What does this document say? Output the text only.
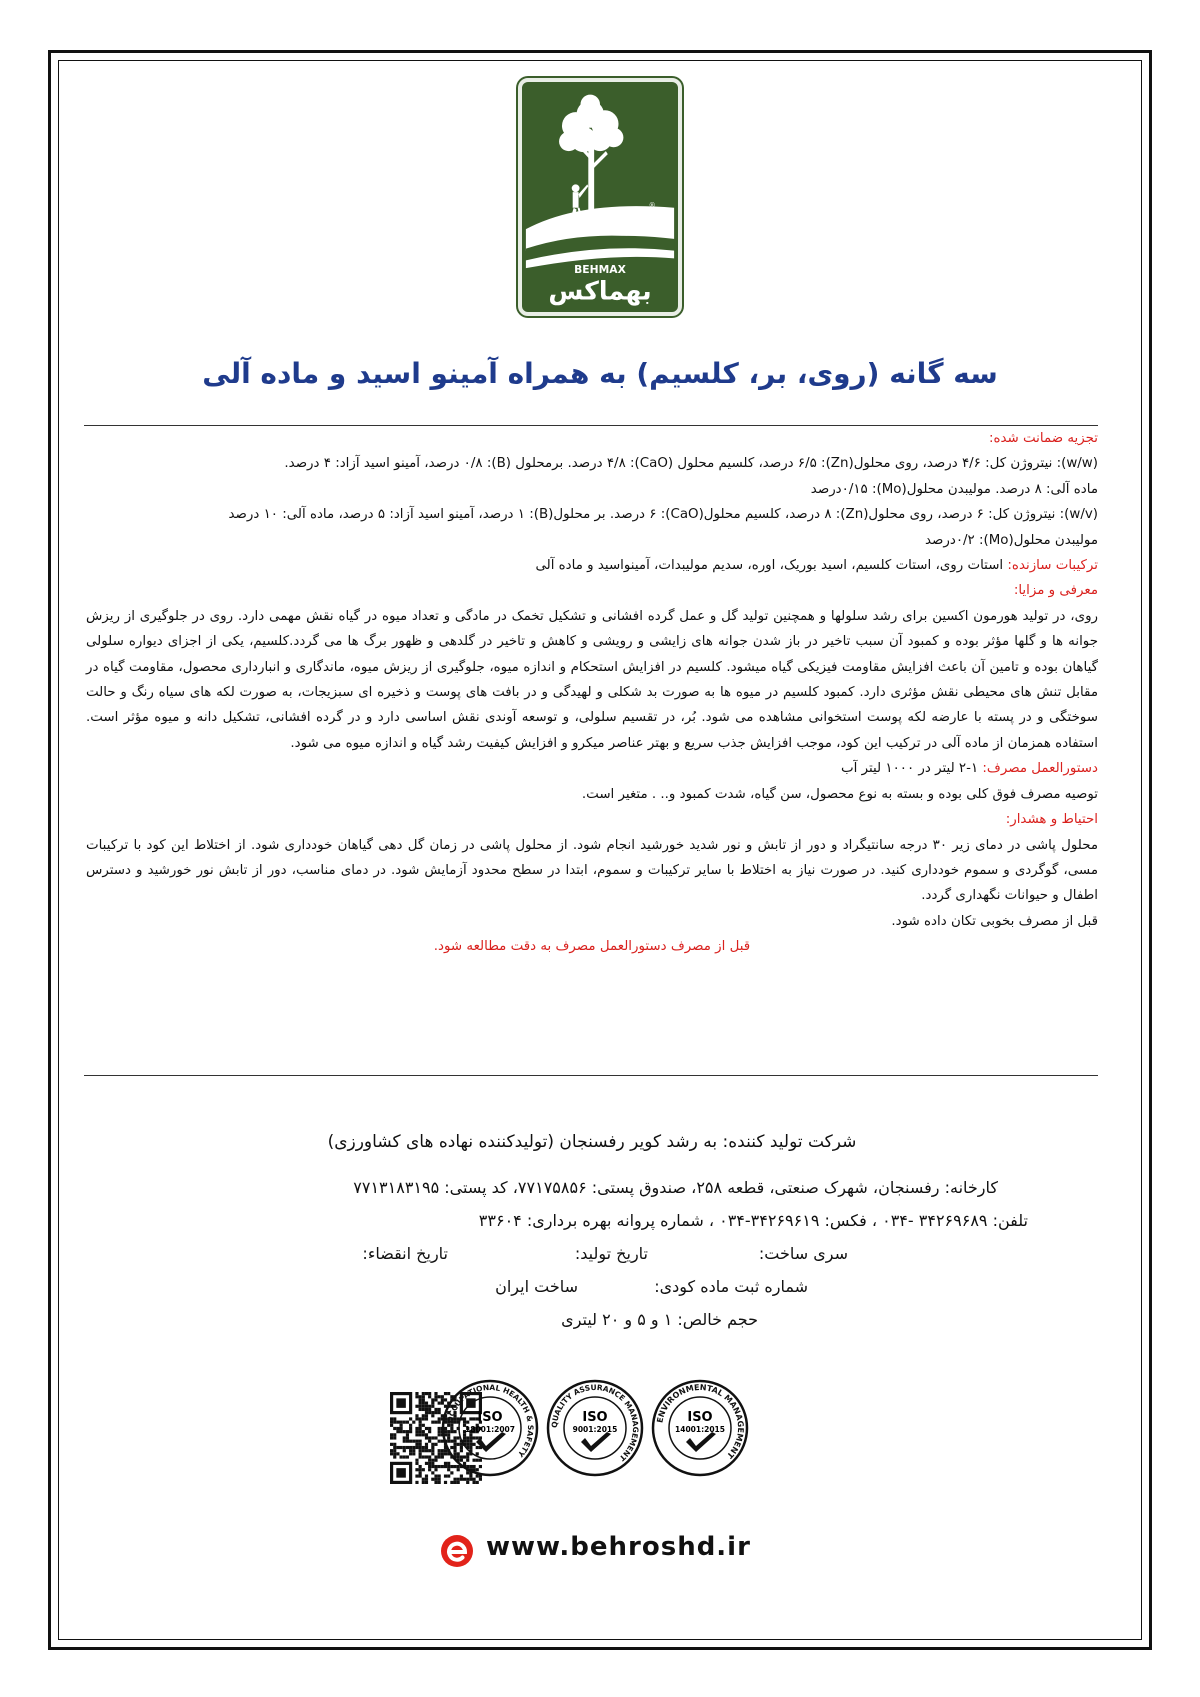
®
BEHMAX
بهماکس
سه گانه (روی، بر، کلسیم) به همراه آمینو اسید و ماده آلی

تجزیه ضمانت شده:

(w/w): نیتروژن کل: ۴/۶ درصد، روی محلول(Zn): ۶/۵ درصد، کلسیم محلول (CaO): ۴/۸ درصد. برمحلول (B): ۰/۸ درصد، آمینو اسید آزاد: ۴ درصد.

ماده آلی: ۸ درصد. مولیبدن محلول(Mo): ۰/۱۵درصد

(w/v): نیتروژن کل: ۶ درصد، روی محلول(Zn): ۸ درصد، کلسیم محلول(CaO): ۶ درصد. بر محلول(B): ۱ درصد، آمینو اسید آزاد: ۵ درصد، ماده آلی: ۱۰ درصد

مولیبدن محلول(Mo): ۰/۲درصد

ترکیبات سازنده: استات روی، استات کلسیم، اسید بوریک، اوره، سدیم مولیبدات، آمینواسید و ماده آلی

معرفی و مزایا:

روی، در تولید هورمون اکسین برای رشد سلولها و همچنین تولید گل و عمل گرده افشانی و تشکیل تخمک در مادگی و تعداد میوه در گیاه نقش مهمی دارد. روی در جلوگیری از ریزش جوانه ها و گلها مؤثر بوده و کمبود آن سبب تاخیر در باز شدن جوانه های زایشی و رویشی و کاهش و تاخیر در گلدهی و ظهور برگ ها می گردد.کلسیم، یکی از اجزای دیواره سلولی گیاهان بوده و تامین آن باعث افزایش مقاومت فیزیکی گیاه میشود. کلسیم در افزایش استحکام و اندازه میوه، جلوگیری از ریزش میوه، ماندگاری و انبارداری محصول، مقاومت گیاه در مقابل تنش های محیطی نقش مؤثری دارد. کمبود کلسیم در میوه ها به صورت بد شکلی و لهیدگی و در بافت های پوست و ذخیره ای سبزیجات، به صورت لکه های سیاه رنگ و حالت سوختگی و در پسته با عارضه لکه پوست استخوانی مشاهده می شود. بُر، در تقسیم سلولی، و توسعه آوندی نقش اساسی دارد و در گرده افشانی، تشکیل دانه و میوه مؤثر است. استفاده همزمان از ماده آلی در ترکیب این کود، موجب افزایش جذب سریع و بهتر عناصر میکرو و افزایش کیفیت رشد گیاه و اندازه میوه می شود.

دستورالعمل مصرف: ۱-۲ لیتر در ۱۰۰۰ لیتر آب

توصیه مصرف فوق کلی بوده و بسته به نوع محصول، سن گیاه، شدت کمبود و.. . متغیر است.

احتیاط و هشدار:

محلول پاشی در دمای زیر ۳۰ درجه سانتیگراد و دور از تابش و نور شدید خورشید انجام شود. از محلول پاشی در زمان گل دهی گیاهان خودداری شود. از اختلاط این کود با ترکیبات مسی، گوگردی و سموم خودداری کنید. در صورت نیاز به اختلاط با سایر ترکیبات و سموم، ابتدا در سطح محدود آزمایش شود. در دمای مناسب، دور از تابش نور خورشید و دسترس اطفال و حیوانات نگهداری گردد.

قبل از مصرف بخوبی تکان داده شود.

قبل از مصرف دستورالعمل مصرف به دقت مطالعه شود.

شرکت تولید کننده: به رشد کویر رفسنجان (تولیدکننده نهاده های کشاورزی)
کارخانه: رفسنجان، شهرک صنعتی، قطعه ۲۵۸، صندوق پستی: ۷۷۱۷۵۸۵۶، کد پستی: ۷۷۱۳۱۸۳۱۹۵
تلفن: ۳۴۲۶۹۶۸۹ -۰۳۴ ، فکس: ۳۴۲۶۹۶۱۹-۰۳۴ ، شماره پروانه بهره برداری: ۳۳۶۰۴
سری ساخت:
تاریخ تولید:
تاریخ انقضاء:
شماره ثبت ماده کودی:
ساخت ایران
حجم خالص: ۱ و ۵ و ۲۰ لیتری
ENVIRONMENTAL MANAGEMENT
ISO
14001:2015
QUALITY ASSURANCE MANAGEMENT
ISO
9001:2015
OCCUPATIONAL HEALTH & SAFETY
ISO
18001:2007
www.behroshd.ir
